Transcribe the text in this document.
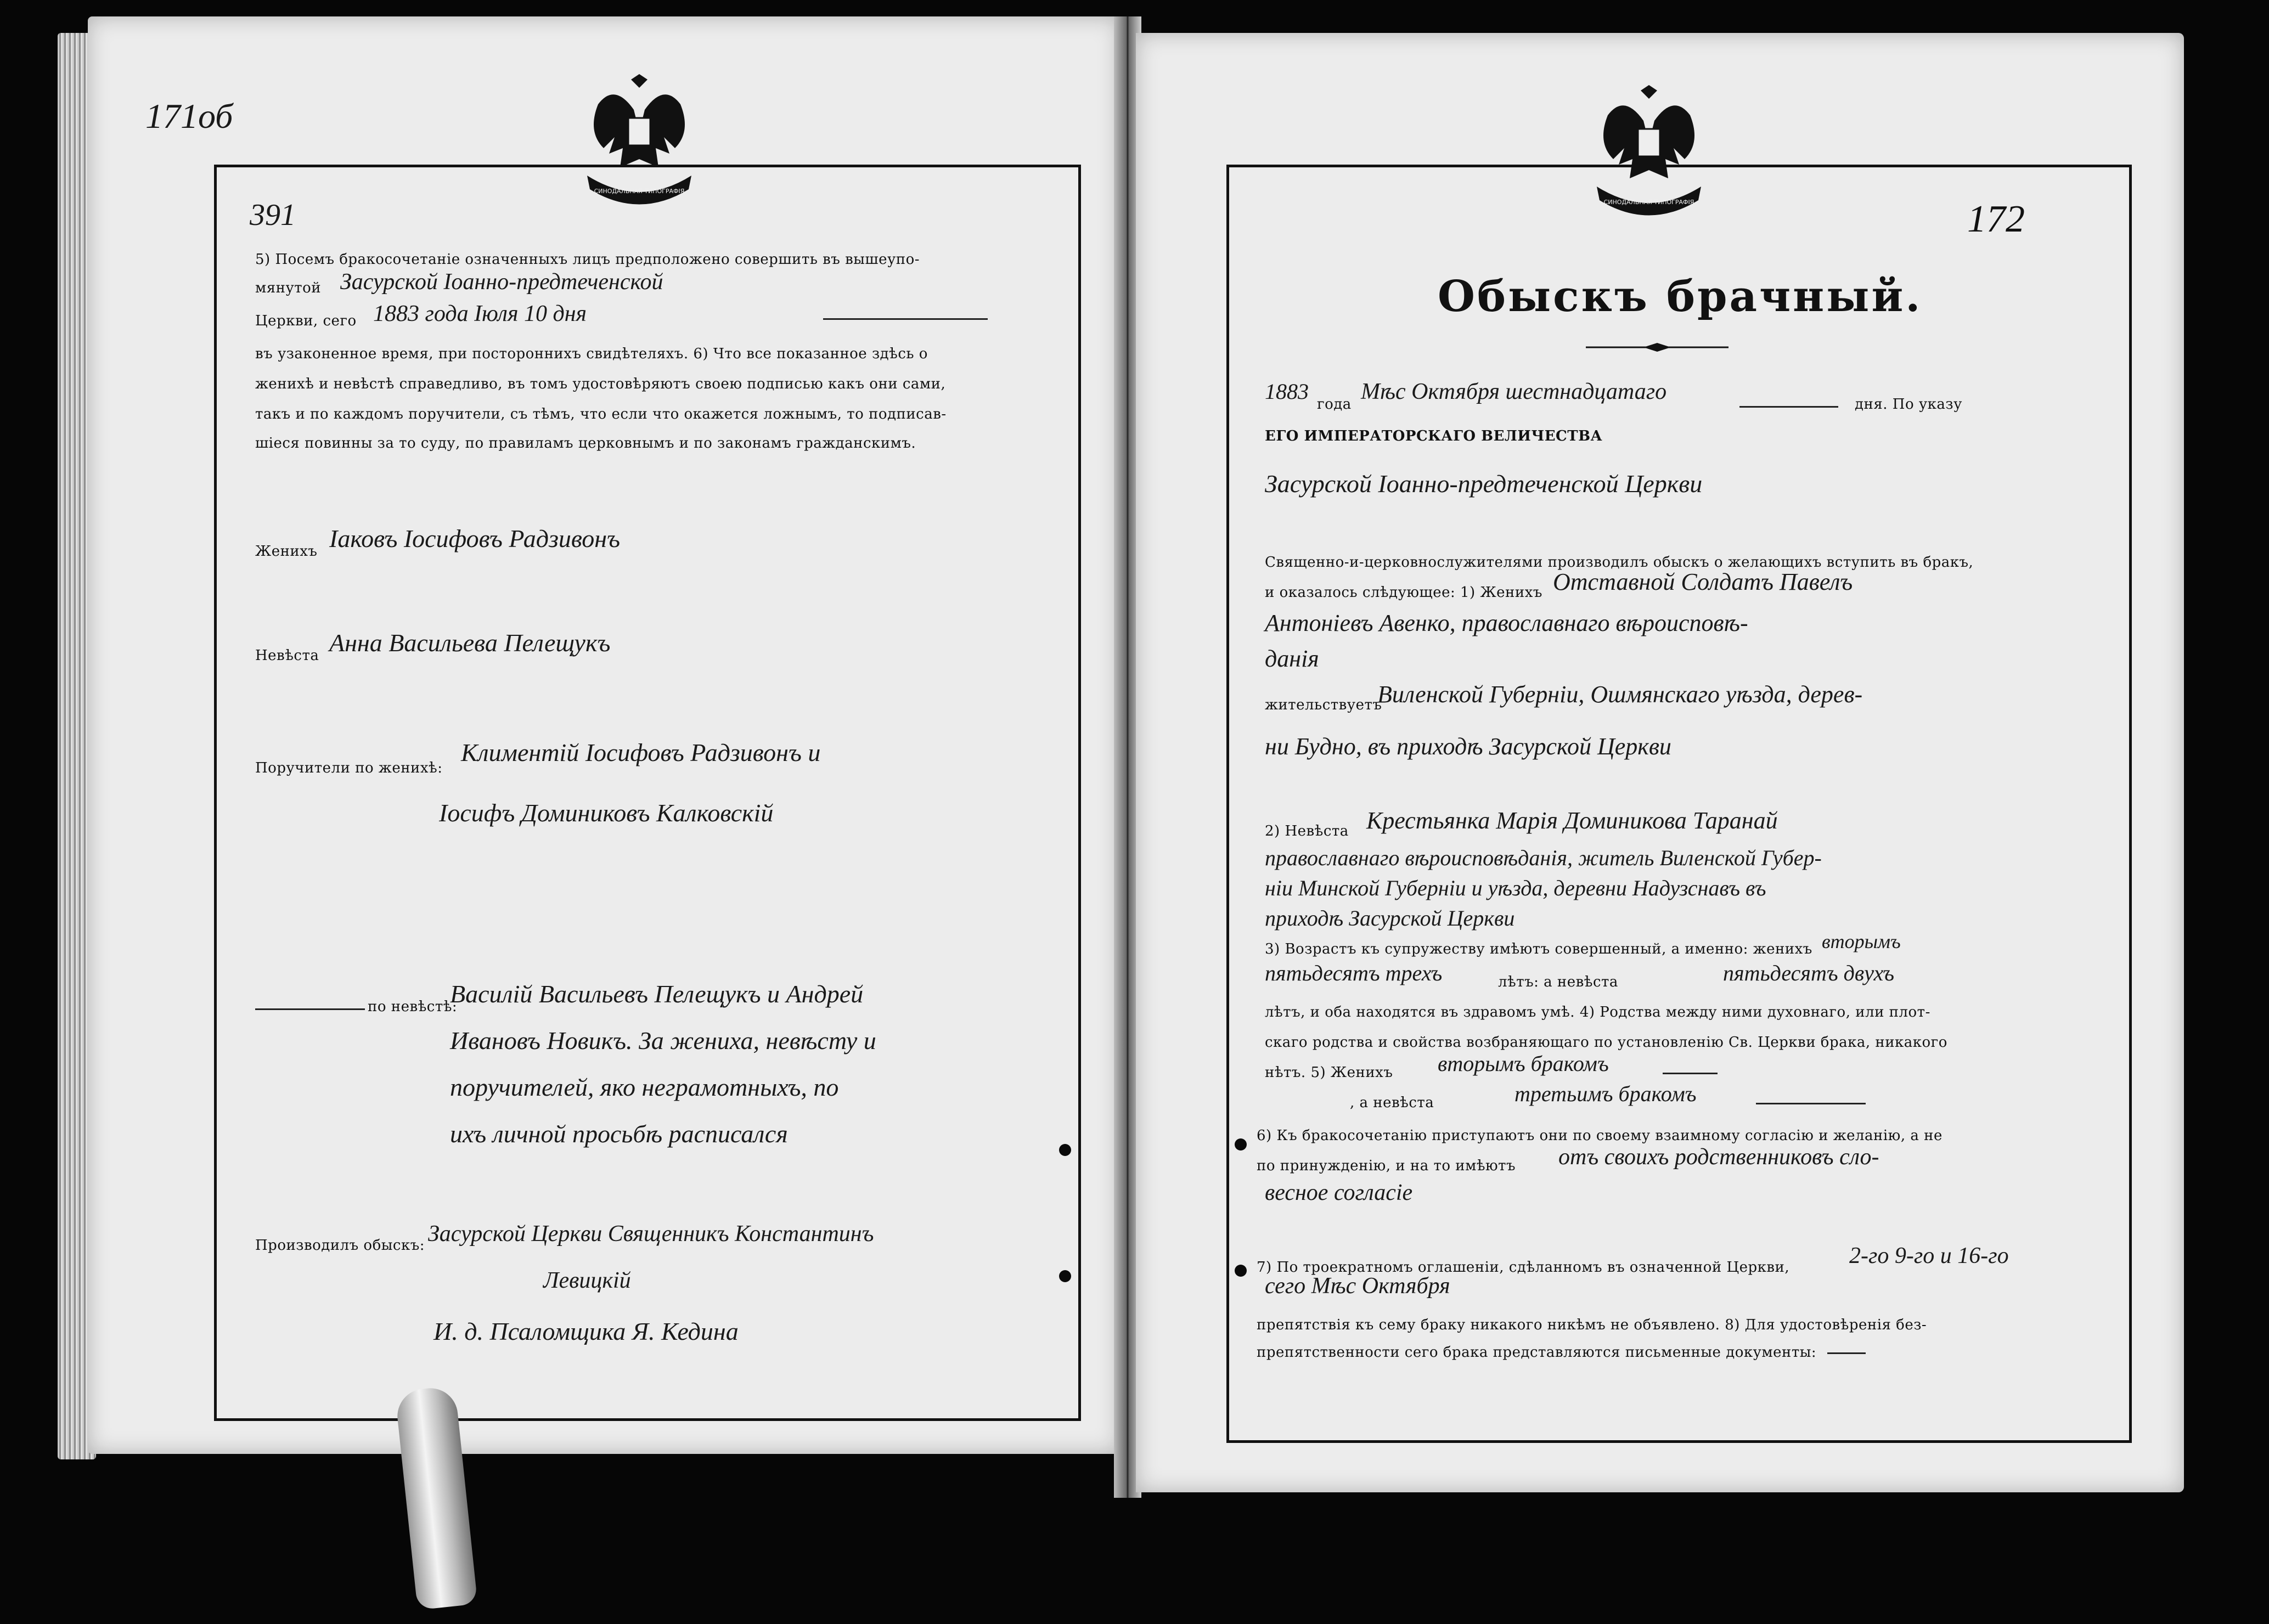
СИНОДАЛЬНАЯ ТИПОГРАФІЯ
СИНОДАЛЬНАЯ ТИПОГРАФІЯ
171об
391
5) Посемъ бракосочетаніе означенныхъ лицъ предположено совершить въ вышеупо-
мянутой Засурской Іоанно-предтеченской
Церкви, сего 1883 года Іюля 10 дня
въ узаконенное время, при постороннихъ свидѣтеляхъ. 6) Что все показанное здѣсь о
женихѣ и невѣстѣ справедливо, въ томъ удостовѣряютъ своею подписью какъ они сами,
такъ и по каждомъ поручители, съ тѣмъ, что если что окажется ложнымъ, то подписав-
шіеся повинны за то суду, по правиламъ церковнымъ и по законамъ гражданскимъ.
Женихъ Іаковъ Іосифовъ Радзивонъ
Невѣста Анна Васильева Пелещукъ
Поручители по женихѣ:
Климентій Іосифовъ Радзивонъ и
Іосифъ Доминиковъ Калковскій
по невѣстѣ:
Василій Васильевъ Пелещукъ и Андрей
Ивановъ Новикъ. За жениха, невѣсту и
поручителей, яко неграмотныхъ, по
ихъ личной просьбѣ расписался
Производилъ обыскъ: Засурской Церкви Священникъ Константинъ
Левицкій
И. д. Псаломщика Я. Кедина
172
Обыскъ брачный.
1883
года Мѣс Октября шестнадцатаго	дня. По указу
ЕГО ИМПЕРАТОРСКАГО ВЕЛИЧЕСТВА
Засурской Іоанно-предтеченской Церкви
Священно-и-церковнослужителями производилъ обыскъ о желающихъ вступить въ бракъ,
и оказалось слѣдующее: 1) Женихъ Отставной Солдатъ Павелъ
Антоніевъ Авенко, православнаго вѣроисповѣ-
данія
жительствуетъ
Виленской Губерніи, Ошмянскаго уѣзда, дерев-
ни Будно, въ приходѣ Засурской Церкви
2) Невѣста Крестьянка Марія Доминикова Таранай
православнаго вѣроисповѣданія, житель Виленской Губер-
ніи Минской Губерніи и уѣзда, деревни Надузснавъ въ
приходѣ Засурской Церкви
3) Возрастъ къ супружеству имѣютъ совершенный, а именно: женихъ вторымъ
пятьдесятъ трехъ	лѣтъ: а невѣста	пятьдесятъ двухъ
лѣтъ, и оба находятся въ здравомъ умѣ. 4) Родства между ними духовнаго, или плот-
скаго родства и свойства возбраняющаго по установленію Св. Церкви брака, никакого
нѣтъ. 5) Женихъ вторымъ бракомъ
, а невѣста	третьимъ бракомъ
6) Къ бракосочетанію приступаютъ они по своему взаимному согласію и желанію, а не
по принужденію, и на то имѣютъ отъ своихъ родственниковъ сло-
весное согласіе
7) По троекратномъ оглашеніи, сдѣланномъ въ означенной Церкви,	2-го 9-го и 16-го
сего Мѣс Октября
препятствія къ сему браку никакого никѣмъ не объявлено. 8) Для удостовѣренія без-
препятственности сего брака представляются письменные документы:
